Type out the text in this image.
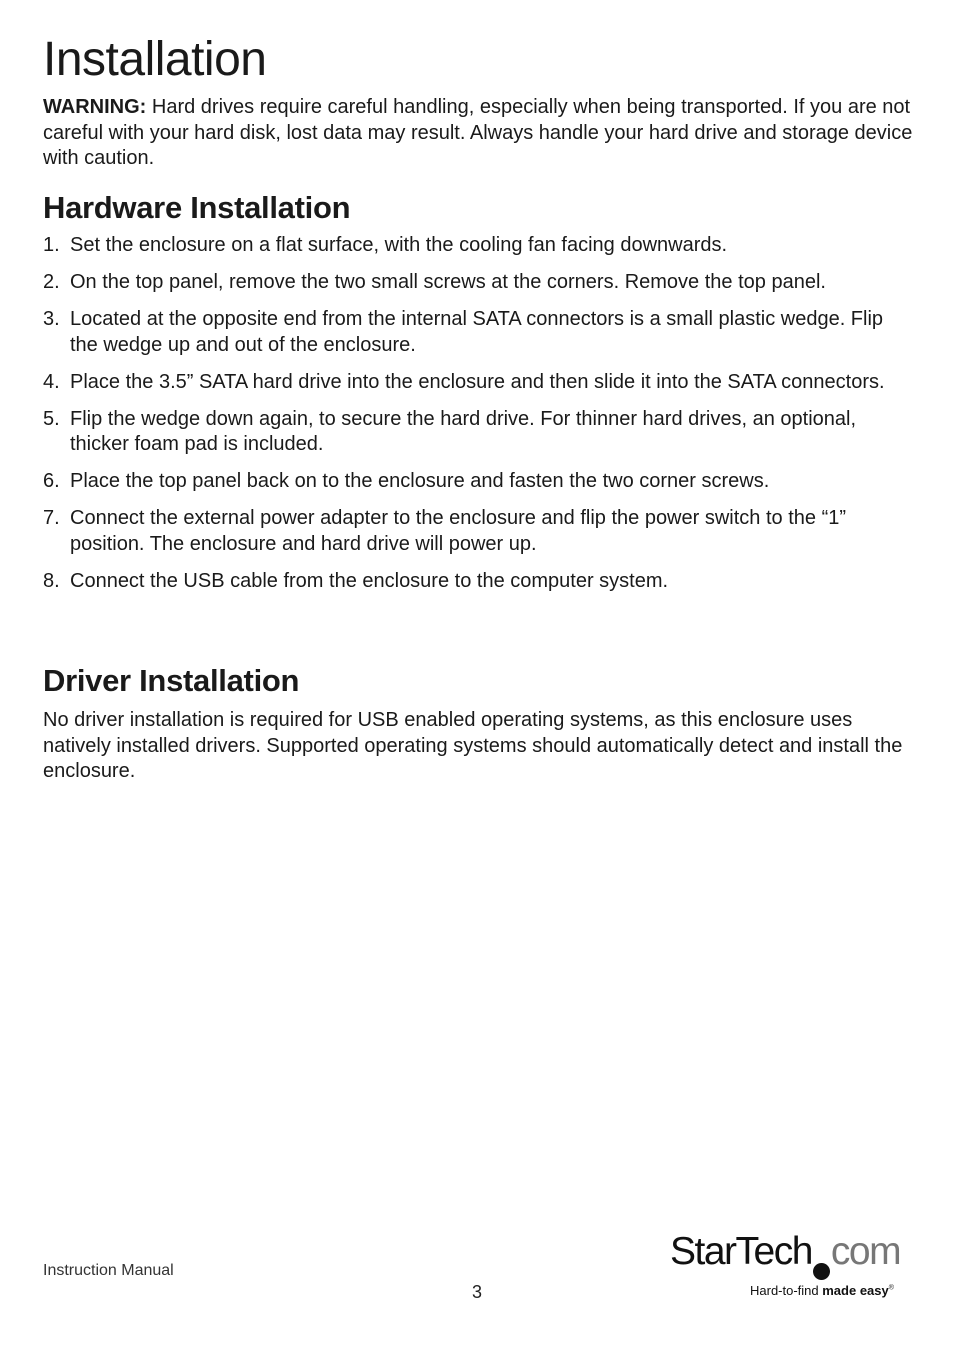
Installation

WARNING: Hard drives require careful handling, especially when being transported. If you are not careful with your hard disk, lost data may result. Always handle your hard drive and storage device with caution.

Hardware Installation
1. Set the enclosure on a flat surface, with the cooling fan facing downwards.
2. On the top panel, remove the two small screws at the corners. Remove the top panel.
3. Located at the opposite end from the internal SATA connectors is a small plastic wedge. Flip the wedge up and out of the enclosure.
4. Place the 3.5” SATA hard drive into the enclosure and then slide it into the SATA connectors.
5. Flip the wedge down again, to secure the hard drive. For thinner hard drives, an optional, thicker foam pad is included.
6. Place the top panel back on to the enclosure and fasten the two corner screws.
7. Connect the external power adapter to the enclosure and flip the power switch to the “1” position. The enclosure and hard drive will power up.
8. Connect the USB cable from the enclosure to the computer system.
Driver Installation

No driver installation is required for USB enabled operating systems, as this enclosure uses natively installed drivers. Supported operating systems should automatically detect and install the enclosure.

Instruction Manual
3
StarTech com
Hard-to-find made easy®
